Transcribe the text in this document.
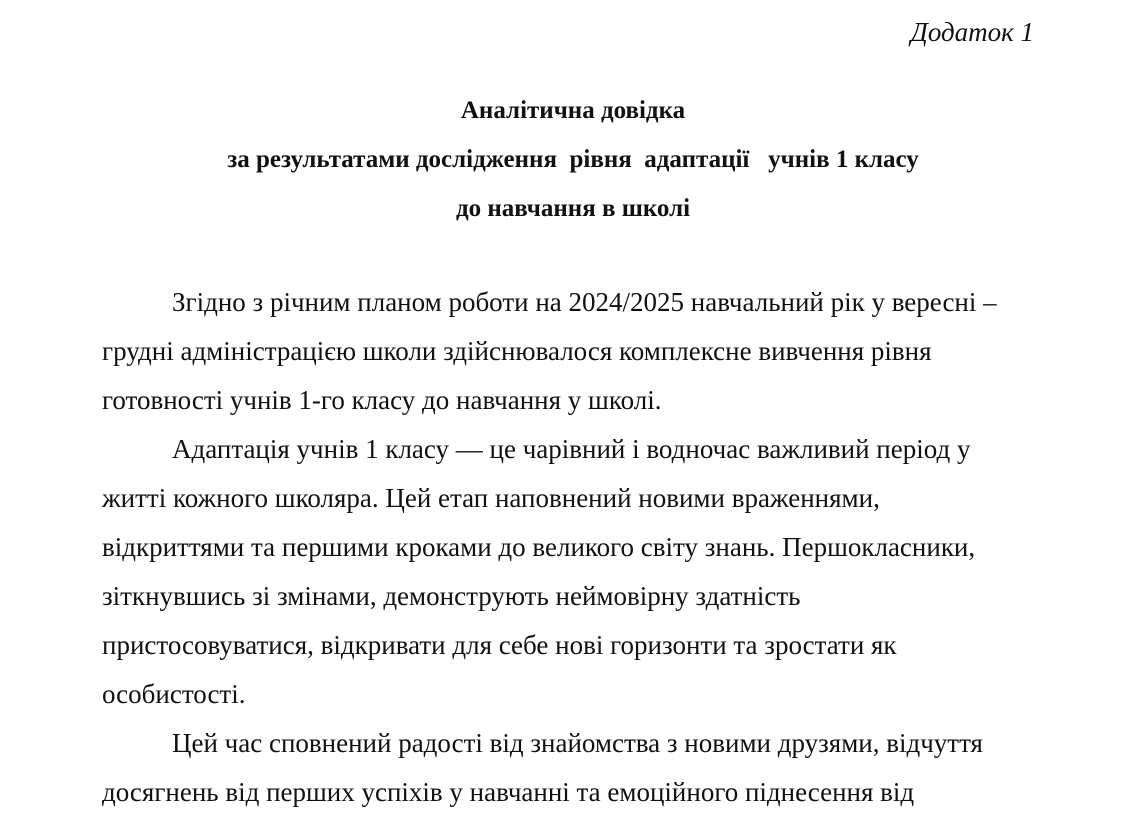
Додаток 1
Аналітична довідка
за результатами дослідження  рівня  адаптації   учнів 1 класу
до навчання в школі
Згідно з річним планом роботи на 2024/2025 навчальний рік у вересні –
грудні адміністрацією школи здійснювалося комплексне вивчення рівня
готовності учнів 1-го класу до навчання у школі.
Адаптація учнів 1 класу — це чарівний і водночас важливий період у
житті кожного школяра. Цей етап наповнений новими враженнями,
відкриттями та першими кроками до великого світу знань. Першокласники,
зіткнувшись зі змінами, демонструють неймовірну здатність
пристосовуватися, відкривати для себе нові горизонти та зростати як
особистості.
Цей час сповнений радості від знайомства з новими друзями, відчуття
досягнень від перших успіхів у навчанні та емоційного піднесення від
